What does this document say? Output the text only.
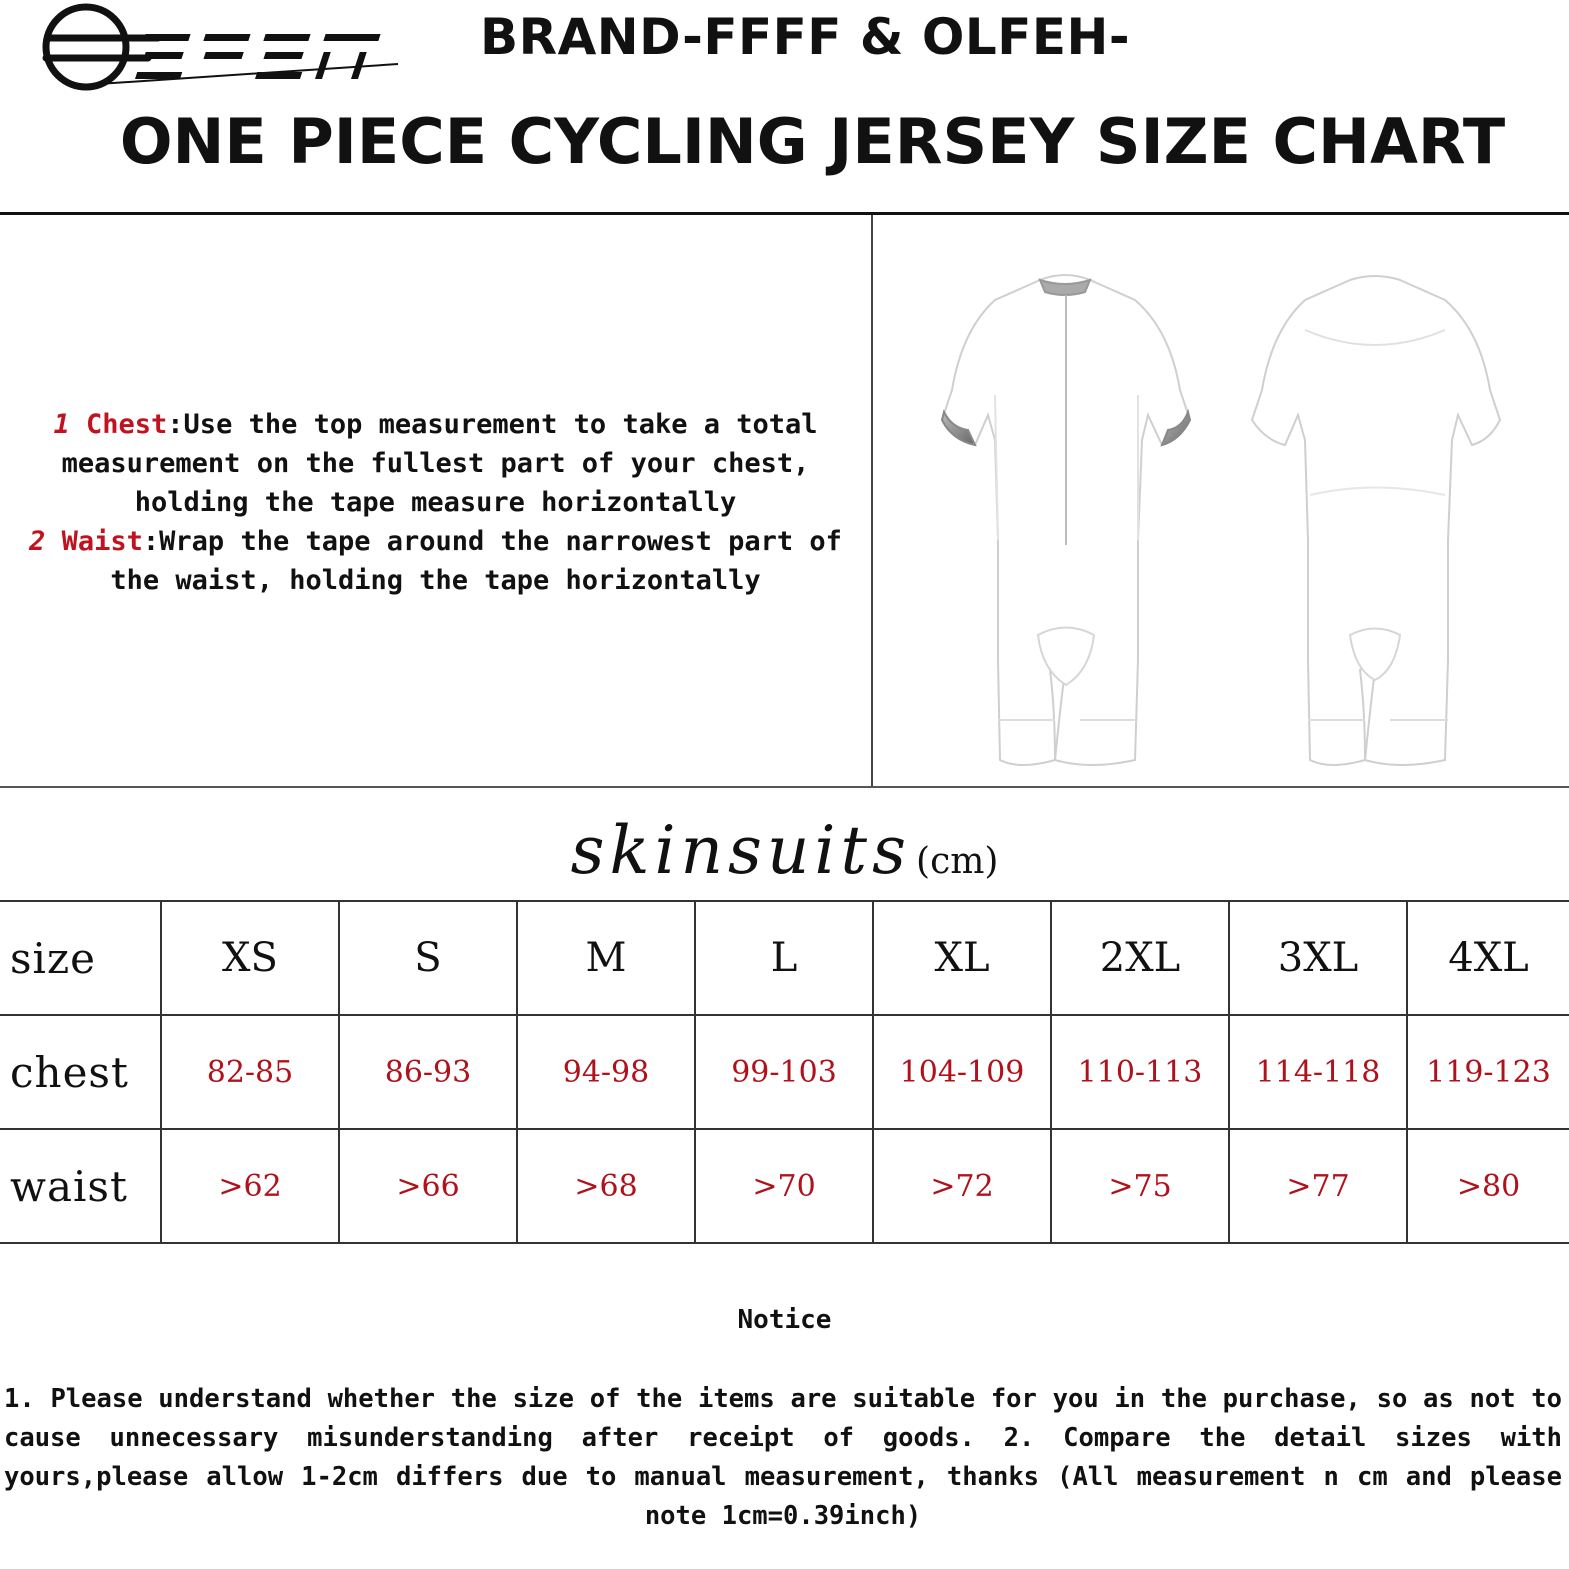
BRAND-FFFF & OLFEH-
ONE PIECE CYCLING JERSEY SIZE CHART
1 Chest:Use the top measurement to take a total
measurement on the fullest part of your chest,
holding the tape measure horizontally
2 Waist:Wrap the tape around the narrowest part of
the waist, holding the tape horizontally
skinsuits (cm)
size	XS	S	M	L	XL	2XL	3XL	4XL
chest	82-85	86-93	94-98	99-103	104-109	110-113	114-118	119-123
waist	>62	>66	>68	>70	>72	>75	>77	>80
Notice
1. Please understand whether the size of the items are suitable for you in the purchase, so as not to cause unnecessary misunderstanding after receipt of goods. 2. Compare the detail sizes with yours,please allow 1-2cm differs due to manual measurement, thanks (All measurement n cm and please note 1cm=0.39inch)
